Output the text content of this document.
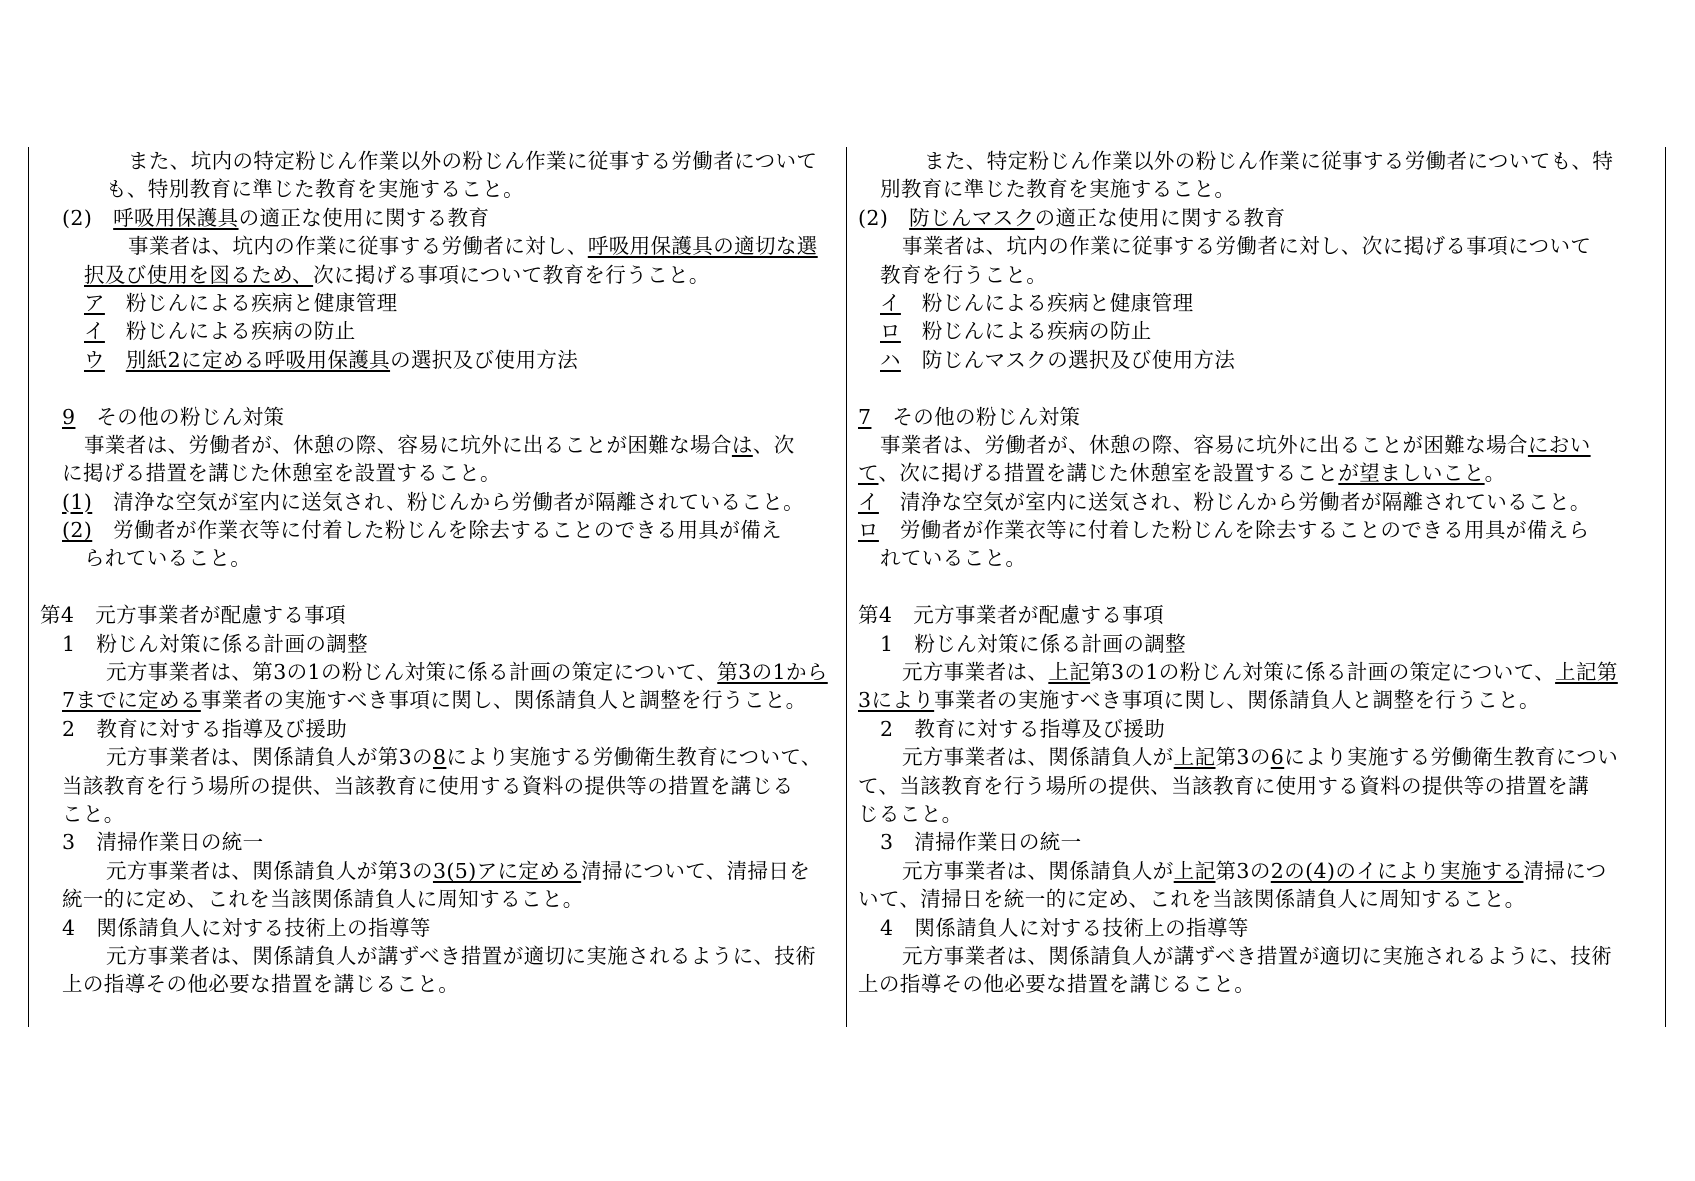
また、坑内の特定粉じん作業以外の粉じん作業に従事する労働者について
も、特別教育に準じた教育を実施すること。
(2)　 呼吸用保護具の適正な使用に関する教育
事業者は、坑内の作業に従事する労働者に対し、呼吸用保護具の適切な選
択及び使用を図るため、次に掲げる事項について教育を行うこと。
ア　 粉じんによる疾病と健康管理
イ　 粉じんによる疾病の防止
ウ　 別紙2に定める呼吸用保護具の選択及び使用方法
9　 その他の粉じん対策
事業者は、労働者が、休憩の際、容易に坑外に出ることが困難な場合は、次
に掲げる措置を講じた休憩室を設置すること。
(1)　 清浄な空気が室内に送気され、粉じんから労働者が隔離されていること。
(2)　 労働者が作業衣等に付着した粉じんを除去することのできる用具が備え
られていること。
第4　元方事業者が配慮する事項
1　粉じん対策に係る計画の調整
元方事業者は、第3の1の粉じん対策に係る計画の策定について、第3の1から
7までに定める事業者の実施すべき事項に関し、関係請負人と調整を行うこと。
2　教育に対する指導及び援助
元方事業者は、関係請負人が第3の8により実施する労働衛生教育について、
当該教育を行う場所の提供、当該教育に使用する資料の提供等の措置を講じる
こと。
3　清掃作業日の統一
元方事業者は、関係請負人が第3の3(5)アに定める清掃について、清掃日を
統一的に定め、これを当該関係請負人に周知すること。
4　関係請負人に対する技術上の指導等
元方事業者は、関係請負人が講ずべき措置が適切に実施されるように、技術
上の指導その他必要な措置を講じること。
また、特定粉じん作業以外の粉じん作業に従事する労働者についても、特
別教育に準じた教育を実施すること。
(2)　 防じんマスクの適正な使用に関する教育
事業者は、坑内の作業に従事する労働者に対し、次に掲げる事項について
教育を行うこと。
イ　 粉じんによる疾病と健康管理
ロ　 粉じんによる疾病の防止
ハ　 防じんマスクの選択及び使用方法
7　 その他の粉じん対策
事業者は、労働者が、休憩の際、容易に坑外に出ることが困難な場合におい
て、次に掲げる措置を講じた休憩室を設置することが望ましいこと。
イ　 清浄な空気が室内に送気され、粉じんから労働者が隔離されていること。
ロ　 労働者が作業衣等に付着した粉じんを除去することのできる用具が備えら
れていること。
第4　元方事業者が配慮する事項
1　粉じん対策に係る計画の調整
元方事業者は、上記第3の1の粉じん対策に係る計画の策定について、上記第
3により事業者の実施すべき事項に関し、関係請負人と調整を行うこと。
2　教育に対する指導及び援助
元方事業者は、関係請負人が上記第3の6により実施する労働衛生教育につい
て、当該教育を行う場所の提供、当該教育に使用する資料の提供等の措置を講
じること。
3　清掃作業日の統一
元方事業者は、関係請負人が上記第3の2の(4)のイにより実施する清掃につ
いて、清掃日を統一的に定め、これを当該関係請負人に周知すること。
4　関係請負人に対する技術上の指導等
元方事業者は、関係請負人が講ずべき措置が適切に実施されるように、技術
上の指導その他必要な措置を講じること。
